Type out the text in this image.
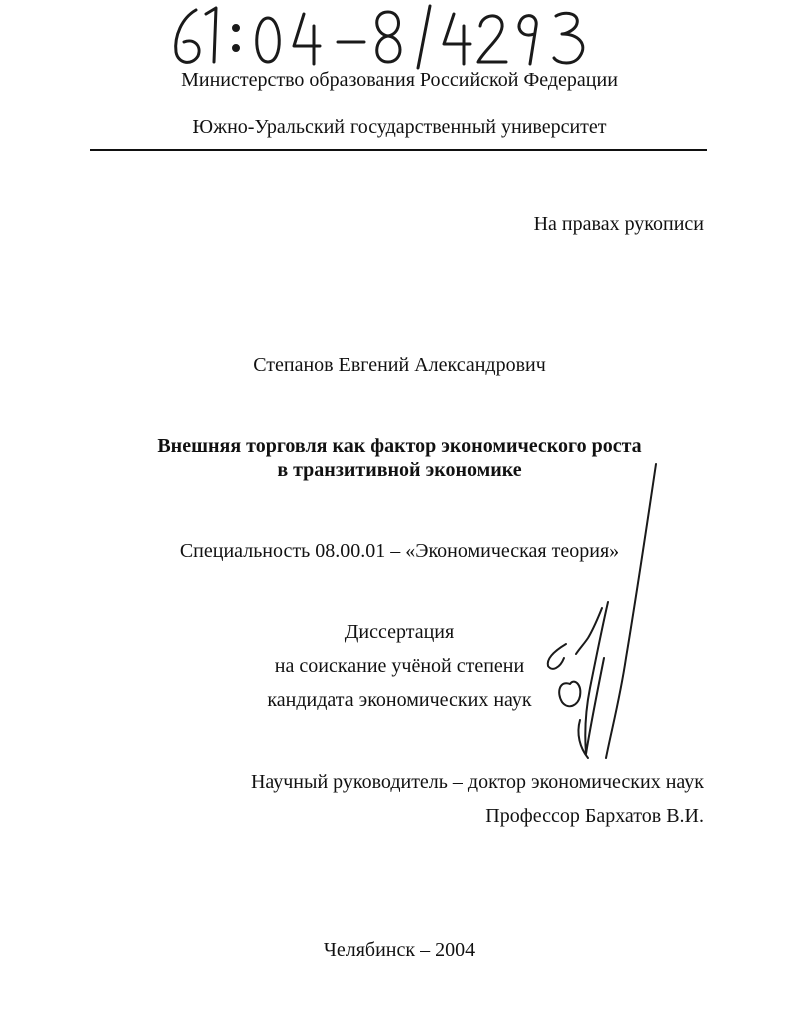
Министерство образования Российской Федерации
Южно-Уральский государственный университет
На правах рукописи
Степанов Евгений Александрович
Внешняя торговля как фактор экономического роста
в транзитивной экономике
Специальность 08.00.01 – «Экономическая теория»
Диссертация
на соискание учёной степени
кандидата экономических наук
Научный руководитель – доктор экономических наук
Профессор Бархатов В.И.
Челябинск – 2004
